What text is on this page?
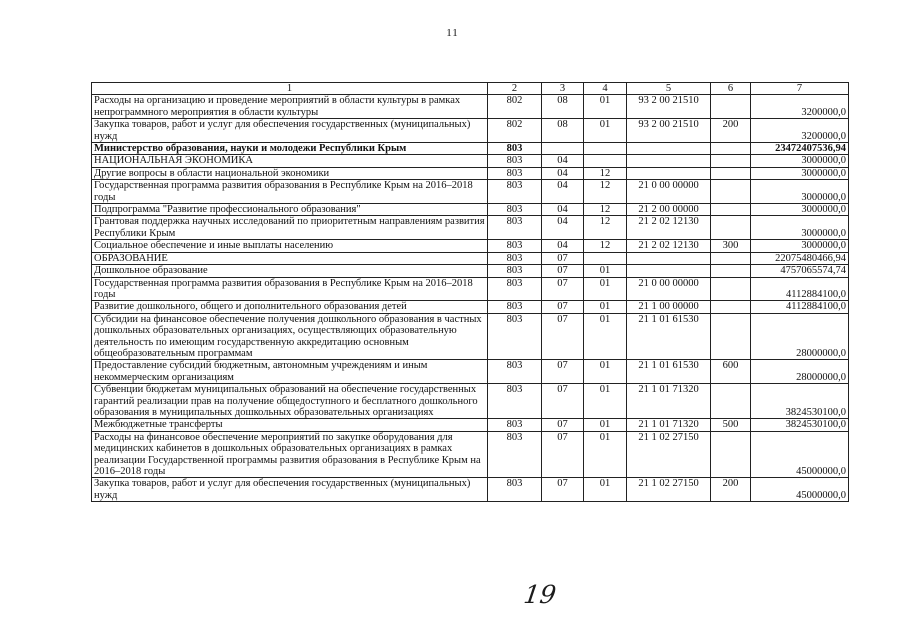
11
1	2	3	4	5	6	7
Расходы на организацию и проведение мероприятий в области культуры в рамках непрограммного мероприятия в области культуры	802	08	01	93 2 00 21510		3200000,0
Закупка товаров, работ и услуг для обеспечения государственных (муниципальных) нужд	802	08	01	93 2 00 21510	200	3200000,0
Министерство образования, науки и молодежи Республики Крым	803					23472407536,94
НАЦИОНАЛЬНАЯ ЭКОНОМИКА	803	04				3000000,0
Другие вопросы в области национальной экономики	803	04	12			3000000,0
Государственная программа развития образования в Республике Крым на 2016–2018 годы	803	04	12	21 0 00 00000		3000000,0
Подпрограмма "Развитие профессионального образования"	803	04	12	21 2 00 00000		3000000,0
Грантовая поддержка научных исследований по приоритетным направлениям развития Республики Крым	803	04	12	21 2 02 12130		3000000,0
Социальное обеспечение и иные выплаты населению	803	04	12	21 2 02 12130	300	3000000,0
ОБРАЗОВАНИЕ	803	07				22075480466,94
Дошкольное образование	803	07	01			4757065574,74
Государственная программа развития образования в Республике Крым на 2016–2018 годы	803	07	01	21 0 00 00000		4112884100,0
Развитие дошкольного, общего и дополнительного образования детей	803	07	01	21 1 00 00000		4112884100,0
Субсидии на финансовое обеспечение получения дошкольного образования в частных дошкольных образовательных организациях, осуществляющих образовательную деятельность по имеющим государственную аккредитацию основным общеобразовательным программам	803	07	01	21 1 01 61530		28000000,0
Предоставление субсидий бюджетным, автономным учреждениям и иным некоммерческим организациям	803	07	01	21 1 01 61530	600	28000000,0
Субвенции бюджетам муниципальных образований на обеспечение государственных гарантий реализации прав на получение общедоступного и бесплатного дошкольного образования в муниципальных дошкольных образовательных организациях	803	07	01	21 1 01 71320		3824530100,0
Межбюджетные трансферты	803	07	01	21 1 01 71320	500	3824530100,0
Расходы на финансовое обеспечение мероприятий по закупке оборудования для медицинских кабинетов в дошкольных образовательных организациях в рамках реализации Государственной программы развития образования в Республике Крым на 2016–2018 годы	803	07	01	21 1 02 27150		45000000,0
Закупка товаров, работ и услуг для обеспечения государственных (муниципальных) нужд	803	07	01	21 1 02 27150	200	45000000,0
19
